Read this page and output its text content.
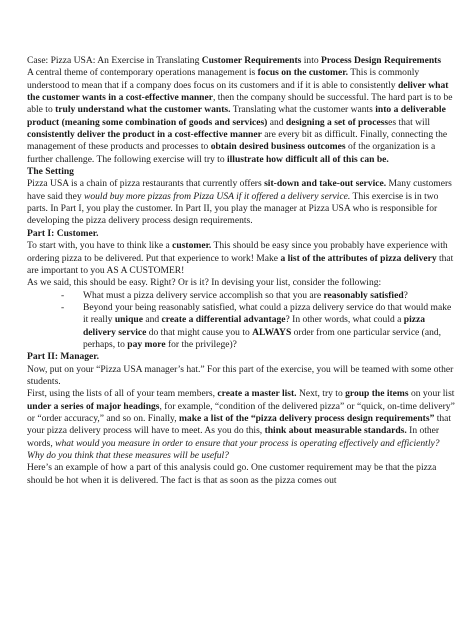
Case: Pizza USA: An Exercise in Translating Customer Requirements into Process Design Requirements

A central theme of contemporary operations management is focus on the customer. This is commonly understood to mean that if a company does focus on its customers and if it is able to consistently deliver what the customer wants in a cost-effective manner, then the company should be successful. The hard part is to be able to truly understand what the customer wants. Translating what the customer wants into a deliverable product (meaning some combination of goods and services) and designing a set of processes that will consistently deliver the product in a cost-effective manner are every bit as difficult. Finally, connecting the management of these products and processes to obtain desired business outcomes of the organization is a further challenge. The following exercise will try to illustrate how difficult all of this can be.

The Setting

Pizza USA is a chain of pizza restaurants that currently offers sit-down and take-out service. Many customers have said they would buy more pizzas from Pizza USA if it offered a delivery service. This exercise is in two parts. In Part I, you play the customer. In Part II, you play the manager at Pizza USA who is responsible for developing the pizza delivery process design requirements.

Part I: Customer.

To start with, you have to think like a customer. This should be easy since you probably have experience with ordering pizza to be delivered. Put that experience to work! Make a list of the attributes of pizza delivery that are important to you AS A CUSTOMER!

As we said, this should be easy. Right? Or is it? In devising your list, consider the following:

- What must a pizza delivery service accomplish so that you are reasonably satisfied?
- Beyond your being reasonably satisfied, what could a pizza delivery service do that would make it really unique and create a differential advantage? In other words, what could a pizza delivery service do that might cause you to ALWAYS order from one particular service (and, perhaps, to pay more for the privilege)?

Part II: Manager.

Now, put on your “Pizza USA manager’s hat.” For this part of the exercise, you will be teamed with some other students.

First, using the lists of all of your team members, create a master list. Next, try to group the items on your list under a series of major headings, for example, “condition of the delivered pizza” or “quick, on-time delivery” or “order accuracy,” and so on. Finally, make a list of the “pizza delivery process design requirements” that your pizza delivery process will have to meet. As you do this, think about measurable standards. In other words, what would you measure in order to ensure that your process is operating effectively and efficiently? Why do you think that these measures will be useful?

Here’s an example of how a part of this analysis could go. One customer requirement may be that the pizza should be hot when it is delivered. The fact is that as soon as the pizza comes out
